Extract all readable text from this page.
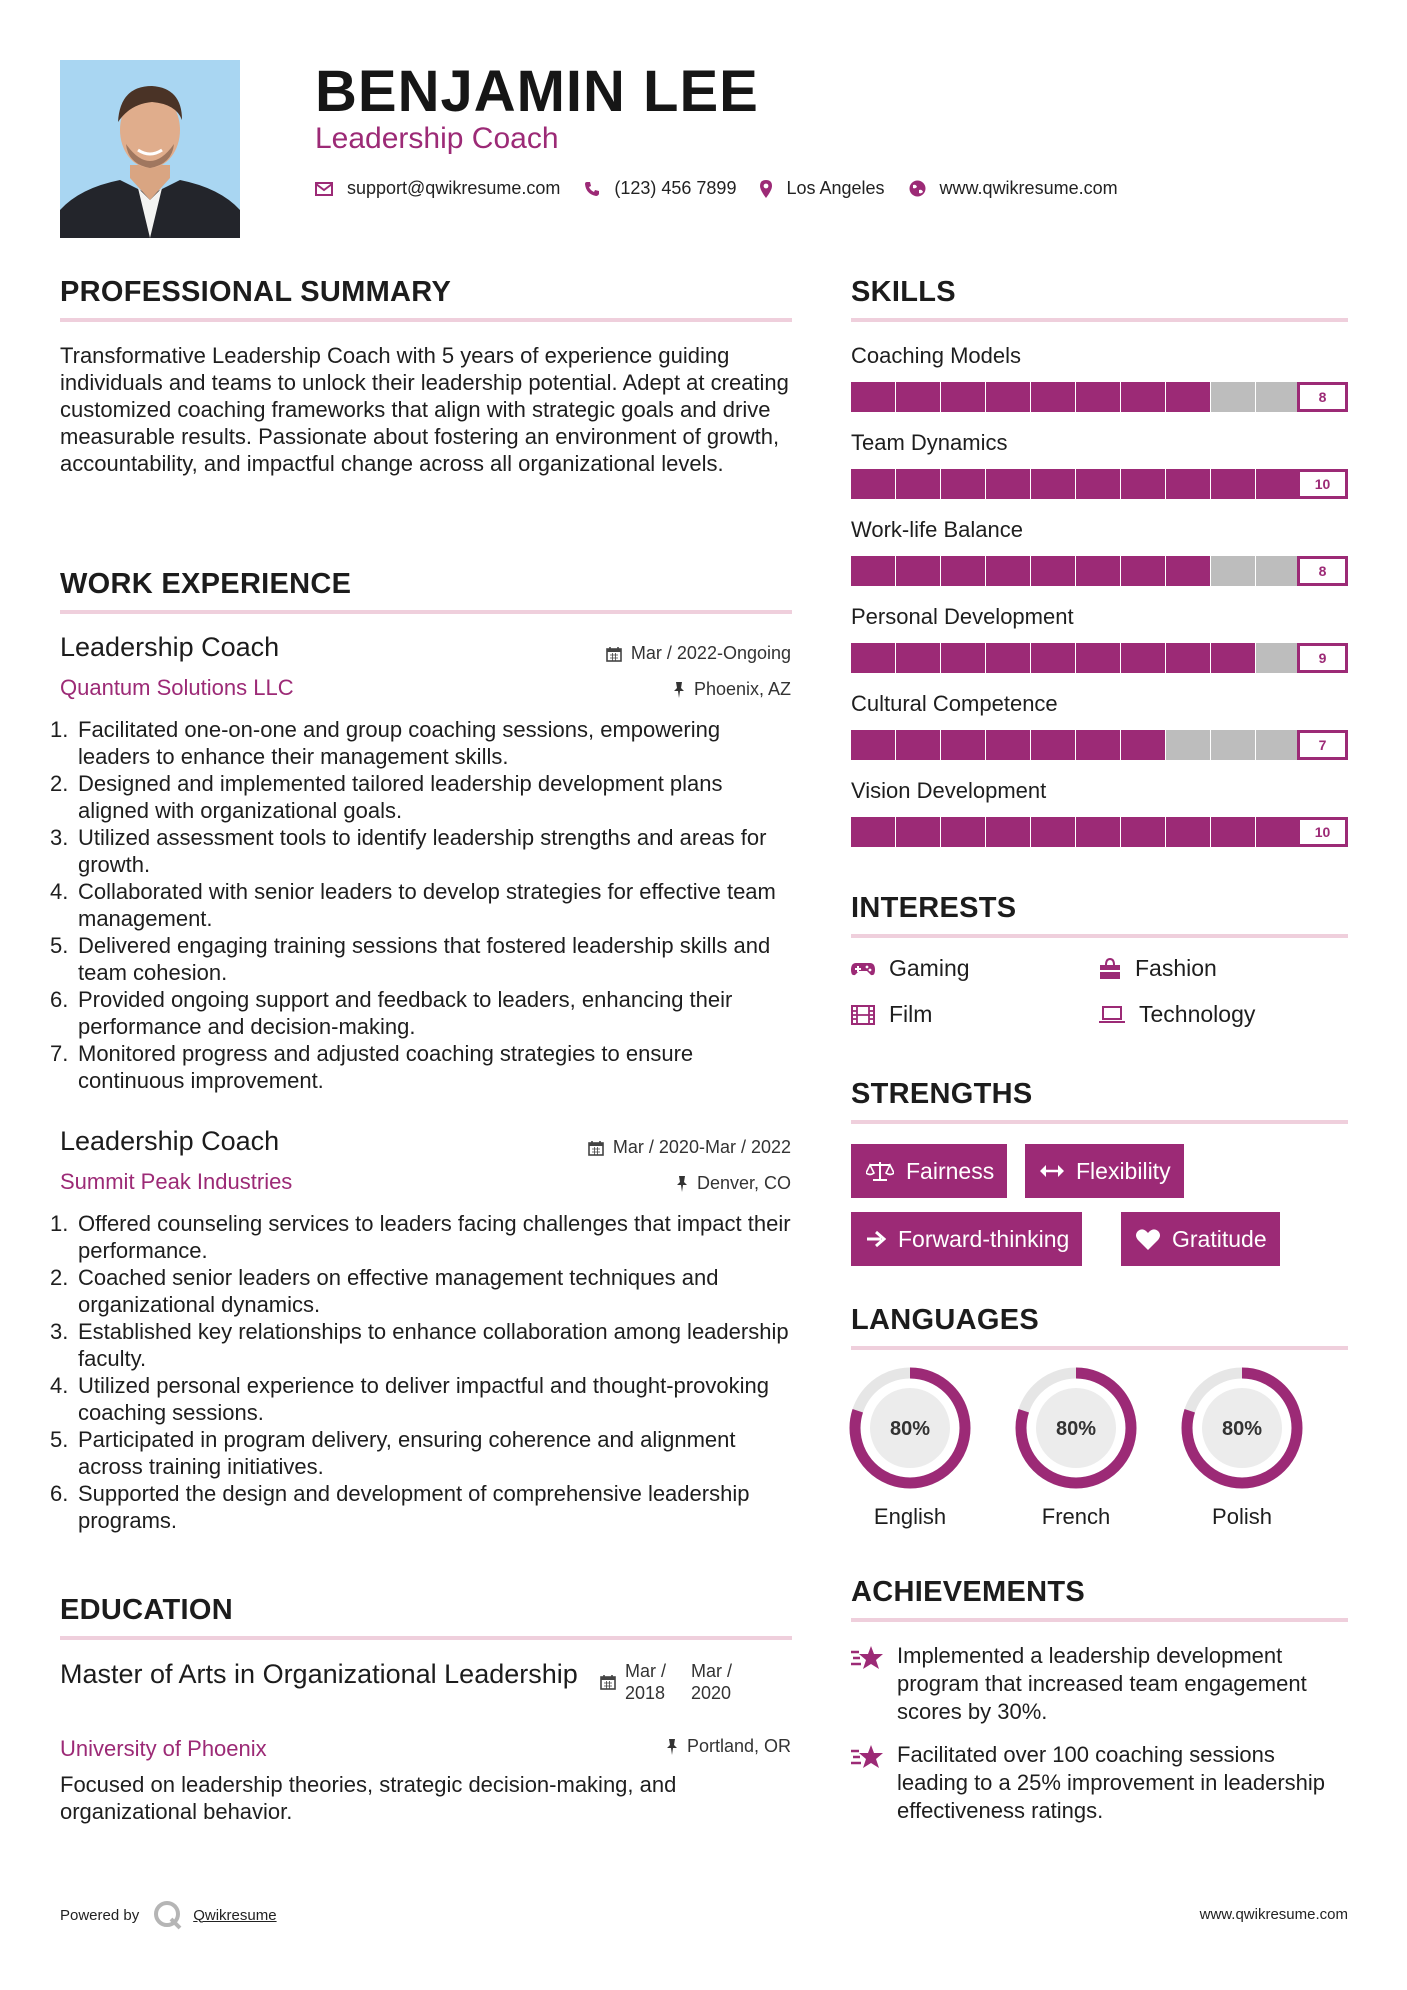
BENJAMIN LEE
Leadership Coach
support@qwikresume.com	(123) 456 7899	Los Angeles	www.qwikresume.com
PROFESSIONAL SUMMARY
Transformative Leadership Coach with 5 years of experience guiding individuals and teams to unlock their leadership potential. Adept at creating customized coaching frameworks that align with strategic goals and drive measurable results. Passionate about fostering an environment of growth, accountability, and impactful change across all organizational levels.
WORK EXPERIENCE
Leadership Coach	Mar / 2022-Ongoing
Quantum Solutions LLC	Phoenix, AZ
1. Facilitated one-on-one and group coaching sessions, empowering leaders to enhance their management skills.
2. Designed and implemented tailored leadership development plans aligned with organizational goals.
3. Utilized assessment tools to identify leadership strengths and areas for growth.
4. Collaborated with senior leaders to develop strategies for effective team management.
5. Delivered engaging training sessions that fostered leadership skills and team cohesion.
6. Provided ongoing support and feedback to leaders, enhancing their performance and decision-making.
7. Monitored progress and adjusted coaching strategies to ensure continuous improvement.
Leadership Coach	Mar / 2020-Mar / 2022
Summit Peak Industries	Denver, CO
1. Offered counseling services to leaders facing challenges that impact their performance.
2. Coached senior leaders on effective management techniques and organizational dynamics.
3. Established key relationships to enhance collaboration among leadership faculty.
4. Utilized personal experience to deliver impactful and thought-provoking coaching sessions.
5. Participated in program delivery, ensuring coherence and alignment across training initiatives.
6. Supported the design and development of comprehensive leadership programs.
EDUCATION
Master of Arts in Organizational Leadership	Mar / 2018
Mar / 2020
University of Phoenix	Portland, OR
Focused on leadership theories, strategic decision-making, and organizational behavior.
SKILLS
Coaching Models
8
Team Dynamics
10
Work-life Balance
8
Personal Development
9
Cultural Competence
7
Vision Development
10
INTERESTS
Gaming	Fashion
Film	Technology
STRENGTHS
Fairness	Flexibility
Forward-thinking	Gratitude
LANGUAGES
80%
English
80%
French
80%
Polish
ACHIEVEMENTS
Implemented a leadership development program that increased team engagement scores by 30%.
Facilitated over 100 coaching sessions leading to a 25% improvement in leadership effectiveness ratings.
Powered by	Qwikresume	www.qwikresume.com
